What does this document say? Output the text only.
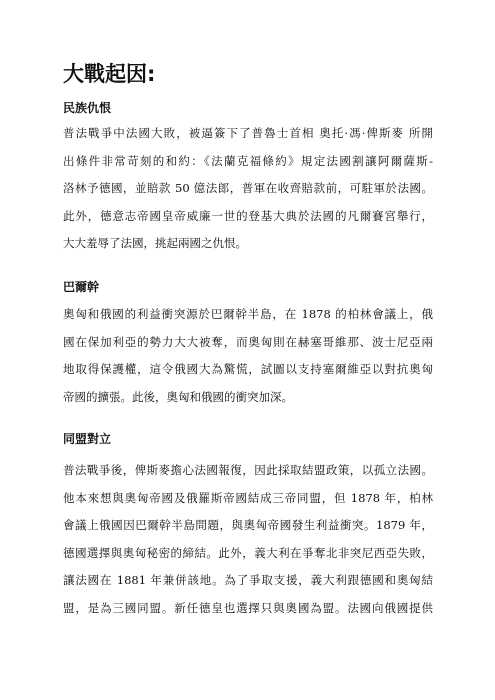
大戰起因:
民族仇恨
普法戰爭中法國大敗，被逼簽下了普魯士首相 奧托·馮·俾斯麥 所開
出條件非常苛刻的和約：《法蘭克福條約》規定法國割讓阿爾薩斯-
洛林予德國，並賠款 50 億法郎，普軍在收齊賠款前，可駐軍於法國。
此外，德意志帝國皇帝威廉一世的登基大典於法國的凡爾賽宮舉行，
大大羞辱了法國，挑起兩國之仇恨。
巴爾幹
奧匈和俄國的利益衝突源於巴爾幹半島，在 1878 的柏林會議上，俄
國在保加利亞的勢力大大被奪，而奧匈則在赫塞哥維那、波士尼亞兩
地取得保護權，這令俄國大為驚慌，試圖以支持塞爾維亞以對抗奧匈
帝國的擴張。此後，奧匈和俄國的衝突加深。
同盟對立
普法戰爭後，俾斯麥擔心法國報復，因此採取結盟政策，以孤立法國。
他本來想與奧匈帝國及俄羅斯帝國結成三帝同盟，但 1878 年，柏林
會議上俄國因巴爾幹半島問題，與奧匈帝國發生利益衝突。1879 年，
德國選擇與奧匈秘密的締結。此外，義大利在爭奪北非突尼西亞失敗，
讓法國在 1881 年兼併該地。為了爭取支援，義大利跟德國和奧匈結
盟，是為三國同盟。新任德皇也選擇只與奧國為盟。法國向俄國提供
